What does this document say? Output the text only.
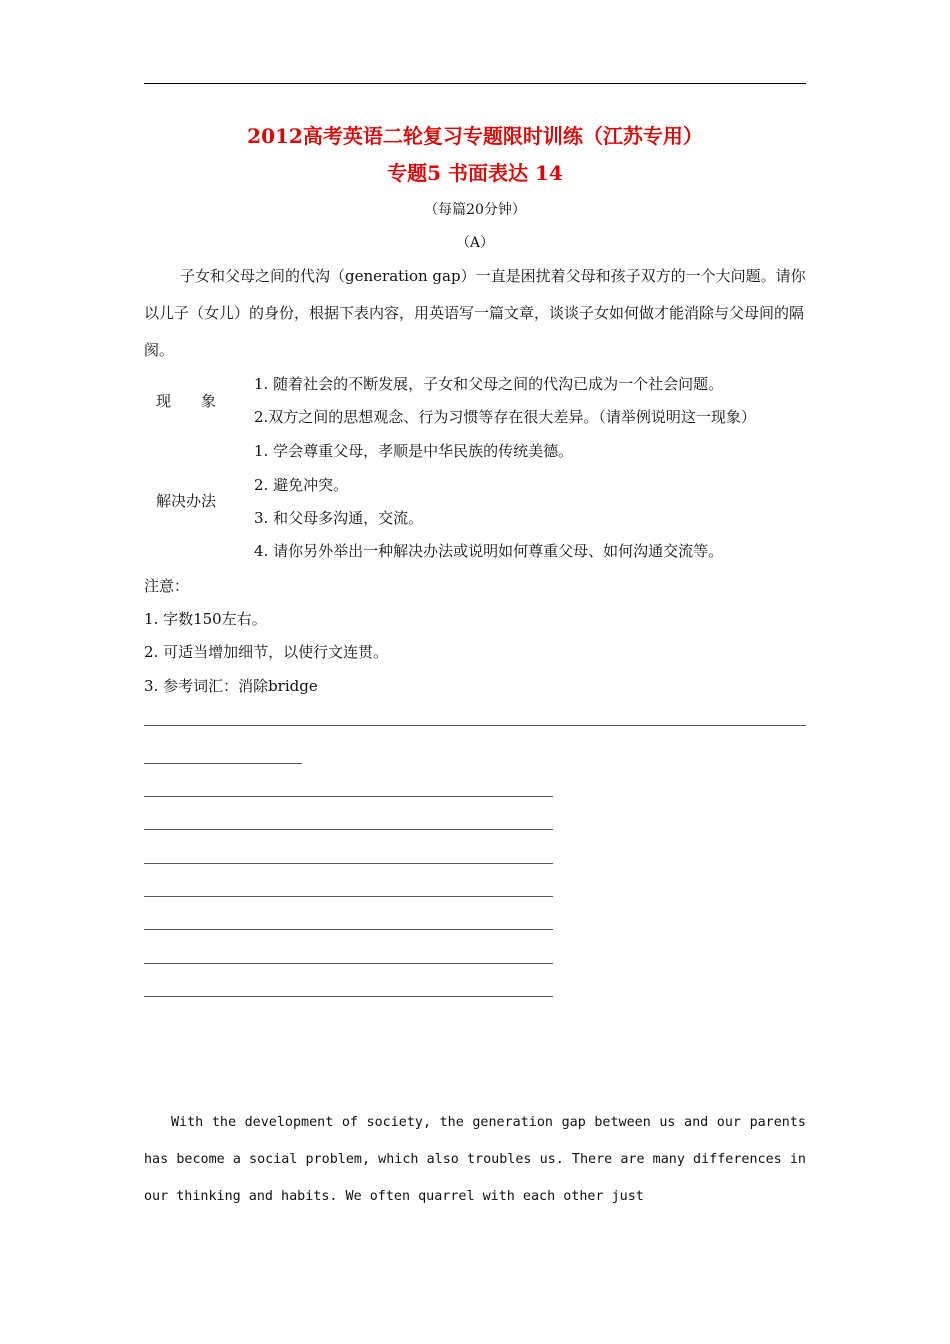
2012高考英语二轮复习专题限时训练（江苏专用）
专题5 书面表达 14
（每篇20分钟）
（A）
子女和父母之间的代沟（generation gap）一直是困扰着父母和孩子双方的一个大问题。请你以儿子（女儿）的身份，根据下表内容，用英语写一篇文章，谈谈子女如何做才能消除与父母间的隔阂。
现　　象
1. 随着社会的不断发展，子女和父母之间的代沟已成为一个社会问题。
2.双方之间的思想观念、行为习惯等存在很大差异。（请举例说明这一现象）
解决办法
1. 学会尊重父母，孝顺是中华民族的传统美德。
2. 避免冲突。
3. 和父母多沟通，交流。
4. 请你另外举出一种解决办法或说明如何尊重父母、如何沟通交流等。
注意：
1. 字数150左右。
2. 可适当增加细节，以使行文连贯。
3. 参考词汇：消除bridge
With the development of society, the generation gap between us and our parents has become a social problem, which also troubles us. There are many differences in our thinking and habits. We often quarrel with each other just
